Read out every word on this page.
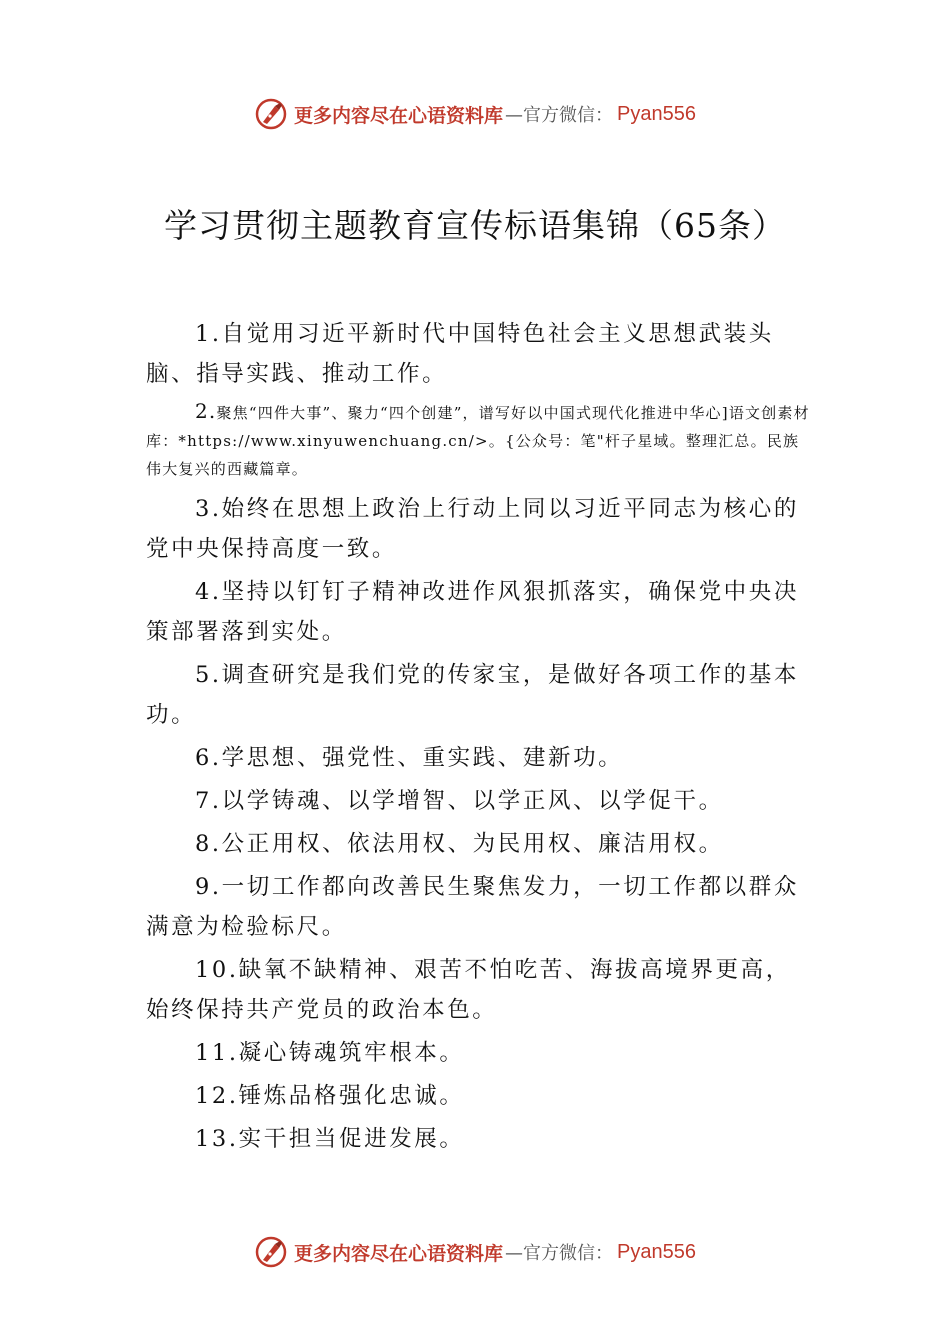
更多内容尽在心语资料库 —官方微信： Pyan556
学习贯彻主题教育宣传标语集锦（65条）

1.自觉用习近平新时代中国特色社会主义思想武装头脑、指导实践、推动工作。

2.聚焦“四件大事”、聚力“四个创建”，谱写好以中国式现代化推进中华心]语文创素材库：*https://www.xinyuwenchuang.cn/>。{公众号：笔"杆子星域。整理汇总。民族伟大复兴的西藏篇章。

3.始终在思想上政治上行动上同以习近平同志为核心的党中央保持高度一致。

4.坚持以钉钉子精神改进作风狠抓落实，确保党中央决策部署落到实处。

5.调查研究是我们党的传家宝，是做好各项工作的基本功。

6.学思想、强党性、重实践、建新功。

7.以学铸魂、以学增智、以学正风、以学促干。

8.公正用权、依法用权、为民用权、廉洁用权。

9.一切工作都向改善民生聚焦发力，一切工作都以群众满意为检验标尺。

10.缺氧不缺精神、艰苦不怕吃苦、海拔高境界更高，始终保持共产党员的政治本色。

11.凝心铸魂筑牢根本。

12.锤炼品格强化忠诚。

13.实干担当促进发展。

更多内容尽在心语资料库 —官方微信： Pyan556
